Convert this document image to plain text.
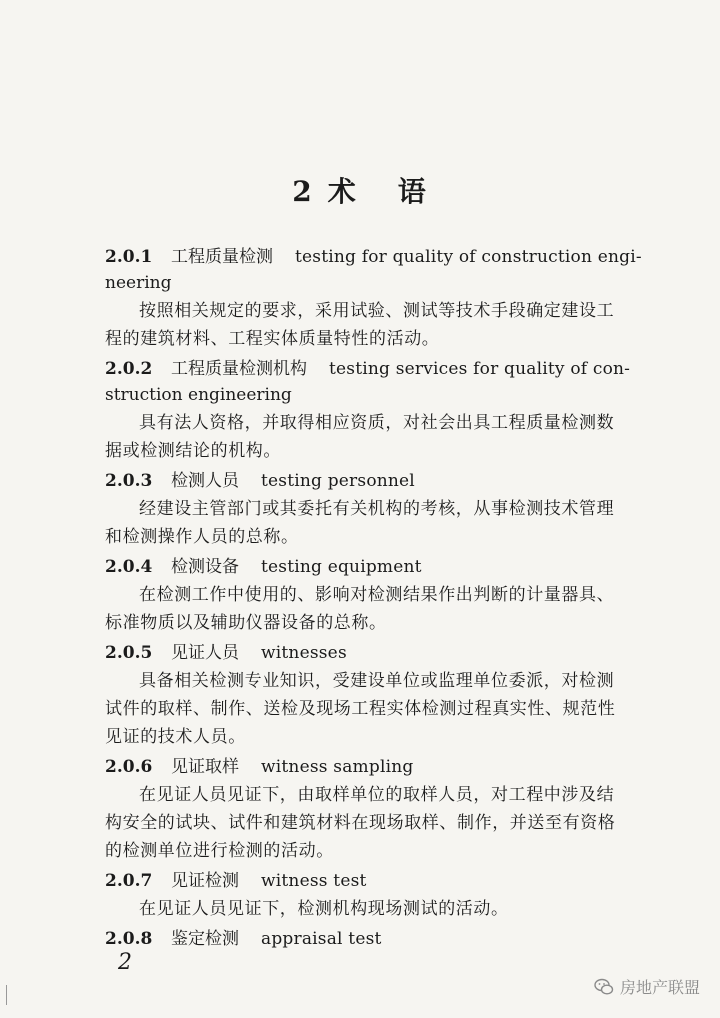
2 术 语
2.0.1 工程质量检测 testing for quality of construction engi-
neering

按照相关规定的要求，采用试验、测试等技术手段确定建设工程的建筑材料、工程实体质量特性的活动。

2.0.2 工程质量检测机构 testing services for quality of con-
struction engineering

具有法人资格，并取得相应资质，对社会出具工程质量检测数据或检测结论的机构。

2.0.3 检测人员 testing personnel

经建设主管部门或其委托有关机构的考核，从事检测技术管理和检测操作人员的总称。

2.0.4 检测设备 testing equipment

在检测工作中使用的、影响对检测结果作出判断的计量器具、标准物质以及辅助仪器设备的总称。

2.0.5 见证人员 witnesses

具备相关检测专业知识，受建设单位或监理单位委派，对检测试件的取样、制作、送检及现场工程实体检测过程真实性、规范性见证的技术人员。

2.0.6 见证取样 witness sampling

在见证人员见证下，由取样单位的取样人员，对工程中涉及结构安全的试块、试件和建筑材料在现场取样、制作，并送至有资格的检测单位进行检测的活动。

2.0.7 见证检测 witness test

在见证人员见证下，检测机构现场测试的活动。

2.0.8 鉴定检测 appraisal test
2
房地产联盟
